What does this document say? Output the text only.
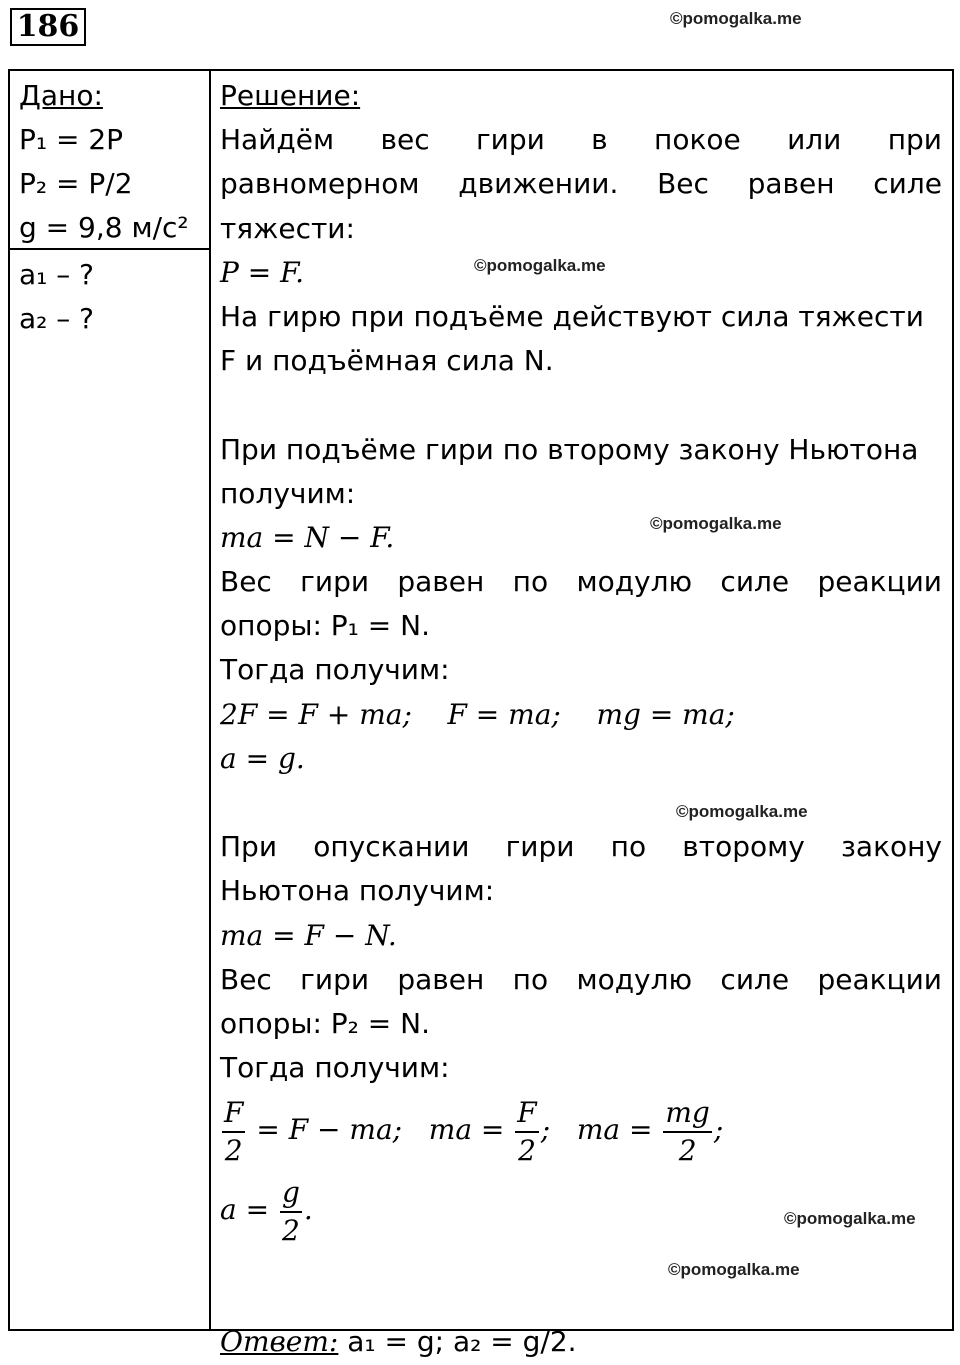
186	©pomogalka.me
Дано:
P₁ = 2P
P₂ = P/2
g = 9,8 м/с²
a₁ – ?
a₂ – ?
Решение:
Найдём вес гири в покое или при
равномерном движении. Вес равен силе
тяжести:
P = F.
На гирю при подъёме действуют сила тяжести
F и подъёмная сила N.
При подъёме гири по второму закону Ньютона
получим:
ma = N − F.
Вес гири равен по модулю силе реакции
опоры: P₁ = N.
Тогда получим:
2F = F + ma;    F = ma;    mg = ma;
a = g.
При опускании гири по второму закону
Ньютона получим:
ma = F − N.
Вес гири равен по модулю силе реакции
опоры: P₂ = N.
Тогда получим:
$\frac{F}{2} = F$ − ma;   ma = $\frac{F}{2}$ ;   ma = $\frac{mg}{2}$ ;
$a = \frac{g}{2}$ .
Ответ: a₁ = g; a₂ = g/2.
©pomogalka.me
©pomogalka.me
©pomogalka.me
©pomogalka.me
©pomogalka.me
